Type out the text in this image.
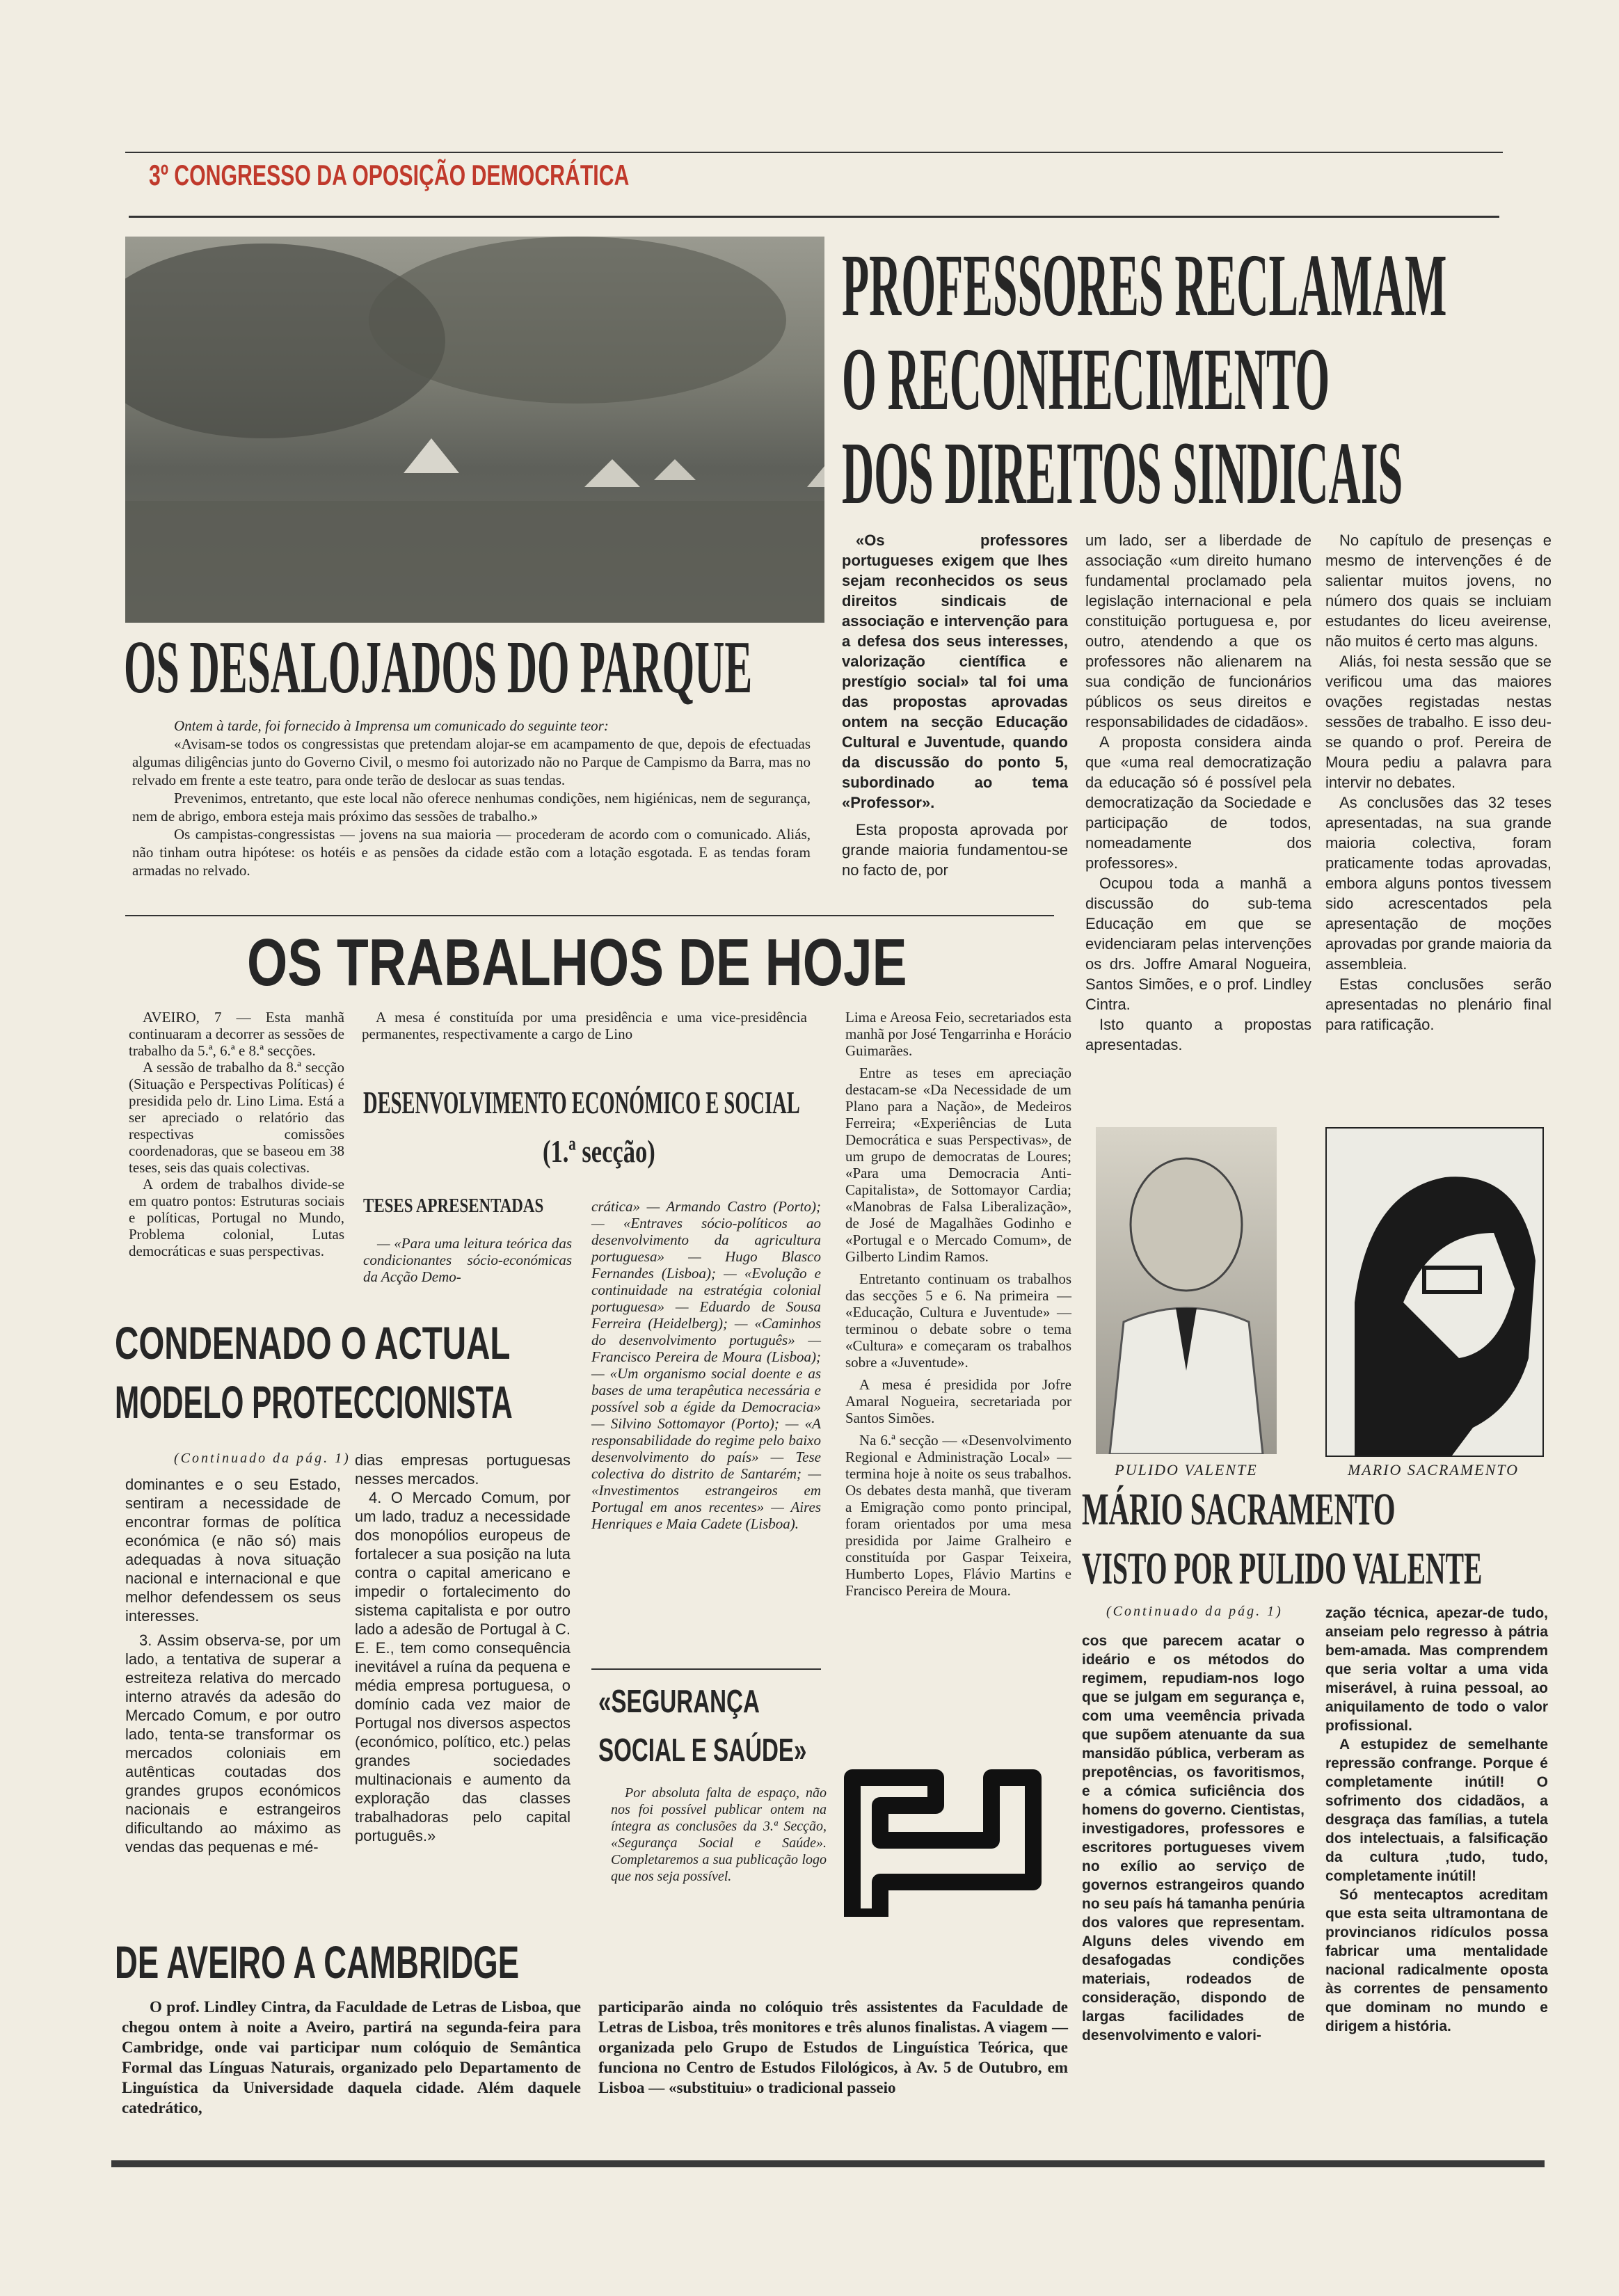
3º CONGRESSO DA OPOSIÇÃO DEMOCRÁTICA
OS DESALOJADOS DO PARQUE

Ontem à tarde, foi fornecido à Imprensa um comunicado do seguinte teor:

«Avisam-se todos os congressistas que pretendam alojar-se em acampamento de que, depois de efectuadas algumas diligências junto do Governo Civil, o mesmo foi autorizado não no Parque de Campismo da Barra, mas no relvado em frente a este teatro, para onde terão de deslocar as suas tendas.

Prevenimos, entretanto, que este local não oferece nenhumas condições, nem higiénicas, nem de segurança, nem de abrigo, embora esteja mais próximo das sessões de trabalho.»

Os campistas-congressistas — jovens na sua maioria — procederam de acordo com o comunicado. Aliás, não tinham outra hipótese: os hotéis e as pensões da cidade estão com a lotação esgotada. E as tendas foram armadas no relvado.

PROFESSORES RECLAMAM
O RECONHECIMENTO
DOS DIREITOS SINDICAIS

«Os professores portugueses exigem que lhes sejam reconhecidos os seus direitos sindicais de associação e intervenção para a defesa dos seus interesses, valorização científica e prestígio social» tal foi uma das propostas aprovadas ontem na secção Educação Cultural e Juventude, quando da discussão do ponto 5, subordinado ao tema «Professor».

Esta proposta aprovada por grande maioria fundamentou-se no facto de, por

um lado, ser a liberdade de associação «um direito humano fundamental proclamado pela legislação internacional e pela constituição portuguesa e, por outro, atendendo a que os professores não alienarem na sua condição de funcionários públicos os seus direitos e responsabilidades de cidadãos».

A proposta considera ainda que «uma real democratização da educação só é possível pela democratização da Sociedade e participação de todos, nomeadamente dos professores».

Ocupou toda a manhã a discussão do sub-tema Educação em que se evidenciaram pelas intervenções os drs. Joffre Amaral Nogueira, Santos Simões, e o prof. Lindley Cintra.

Isto quanto a propostas apresentadas.

No capítulo de presenças e mesmo de intervenções é de salientar muitos jovens, no número dos quais se incluiam estudantes do liceu aveirense, não muitos é certo mas alguns.

Aliás, foi nesta sessão que se verificou uma das maiores ovações registadas nestas sessões de trabalho. E isso deu-se quando o prof. Pereira de Moura pediu a palavra para intervir no debates.

As conclusões das 32 teses apresentadas, na sua grande maioria colectiva, foram praticamente todas aprovadas, embora alguns pontos tivessem sido acrescentados pela apresentação de moções aprovadas por grande maioria da assembleia.

Estas conclusões serão apresentadas no plenário final para ratificação.

OS TRABALHOS DE HOJE

AVEIRO, 7 — Esta manhã continuaram a decorrer as sessões de trabalho da 5.ª, 6.ª e 8.ª secções.

A sessão de trabalho da 8.ª secção (Situação e Perspectivas Políticas) é presidida pelo dr. Lino Lima. Está a ser apreciado o relatório das respectivas comissões coordenadoras, que se baseou em 38 teses, seis das quais colectivas.

A ordem de trabalhos divide-se em quatro pontos: Estruturas sociais e políticas, Portugal no Mundo, Problema colonial, Lutas democráticas e suas perspectivas.

A mesa é constituída por uma presidência e uma vice-presidência permanentes, respectivamente a cargo de Lino

DESENVOLVIMENTO ECONÓMICO E SOCIAL
(1.ª secção)
TESES APRESENTADAS

— «Para uma leitura teórica das condicionantes sócio-económicas da Acção Demo-

crática» — Armando Castro (Porto); — «Entraves sócio-políticos ao desenvolvimento da agricultura portuguesa» — Hugo Blasco Fernandes (Lisboa); — «Evolução e continuidade na estratégia colonial portuguesa» — Eduardo de Sousa Ferreira (Heidelberg); — «Caminhos do desenvolvimento português» — Francisco Pereira de Moura (Lisboa); — «Um organismo social doente e as bases de uma terapêutica necessária e possível sob a égide da Democracia» — Silvino Sottomayor (Porto); — «A responsabilidade do regime pelo baixo desenvolvimento do país» — Tese colectiva do distrito de Santarém; — «Investimentos estrangeiros em Portugal em anos recentes» — Aires Henriques e Maia Cadete (Lisboa).

Lima e Areosa Feio, secretariados esta manhã por José Tengarrinha e Horácio Guimarães.

Entre as teses em apreciação destacam-se «Da Necessidade de um Plano para a Nação», de Medeiros Ferreira; «Experiências de Luta Democrática e suas Perspectivas», de um grupo de democratas de Loures; «Para uma Democracia Anti-Capitalista», de Sottomayor Cardia; «Manobras de Falsa Liberalização», de José de Magalhães Godinho e «Portugal e o Mercado Comum», de Gilberto Lindim Ramos.

Entretanto continuam os trabalhos das secções 5 e 6. Na primeira — «Educação, Cultura e Juventude» — terminou o debate sobre o tema «Cultura» e começaram os trabalhos sobre a «Juventude».

A mesa é presidida por Jofre Amaral Nogueira, secretariada por Santos Simões.

Na 6.ª secção — «Desenvolvimento Regional e Administração Local» — termina hoje à noite os seus trabalhos. Os debates desta manhã, que tiveram a Emigração como ponto principal, foram orientados por uma mesa presidida por Jaime Gralheiro e constituída por Gaspar Teixeira, Humberto Lopes, Flávio Martins e Francisco Pereira de Moura.

CONDENADO O ACTUAL
MODELO PROTECCIONISTA
(Continuado da pág. 1)

dominantes e o seu Estado, sentiram a necessidade de encontrar formas de política económica (e não só) mais adequadas à nova situação nacional e internacional e que melhor defendessem os seus interesses.

3. Assim observa-se, por um lado, a tentativa de superar a estreiteza relativa do mercado interno através da adesão do Mercado Comum, e por outro lado, tenta-se transformar os mercados coloniais em autênticas coutadas dos grandes grupos económicos nacionais e estrangeiros dificultando ao máximo as vendas das pequenas e mé-

dias empresas portuguesas nesses mercados.

4. O Mercado Comum, por um lado, traduz a necessidade dos monopólios europeus de fortalecer a sua posição na luta contra o capital americano e impedir o fortalecimento do sistema capitalista e por outro lado a adesão de Portugal à C. E. E., tem como consequência inevitável a ruína da pequena e média empresa portuguesa, o domínio cada vez maior de Portugal nos diversos aspectos (económico, político, etc.) pelas grandes sociedades multinacionais e aumento da exploração das classes trabalhadoras pelo capital português.»

«SEGURANÇA
SOCIAL E SAÚDE»

Por absoluta falta de espaço, não nos foi possível publicar ontem na íntegra as conclusões da 3.ª Secção, «Segurança Social e Saúde». Completaremos a sua publicação logo que nos seja possível.

PULIDO VALENTE	MARIO SACRAMENTO
MÁRIO SACRAMENTO
VISTO POR PULIDO VALENTE
(Continuado da pág. 1)

cos que parecem acatar o ideário e os métodos do regimem, repudiam-nos logo que se julgam em segurança e, com uma veemência privada que supõem atenuante da sua mansidão pública, verberam as prepotências, os favoritismos, e a cómica suficiência dos homens do governo. Cientistas, investigadores, professores e escritores portugueses vivem no exílio ao serviço de governos estrangeiros quando no seu país há tamanha penúria dos valores que representam. Alguns deles vivendo em desafogadas condições materiais, rodeados de consideração, dispondo de largas facilidades de desenvolvimento e valori-

zação técnica, apezar-de tudo, anseiam pelo regresso à pátria bem-amada. Mas comprendem que seria voltar a uma vida miserável, à ruina pessoal, ao aniquilamento de todo o valor profissional.

A estupidez de semelhante repressão confrange. Porque é completamente inútil! O sofrimento dos cidadãos, a desgraça das famílias, a tutela dos intelectuais, a falsificação da cultura ,tudo, tudo, completamente inútil!

Só mentecaptos acreditam que esta seita ultramontana de provincianos ridículos possa fabricar uma mentalidade nacional radicalmente oposta às correntes de pensamento que dominam no mundo e dirigem a história.

DE AVEIRO A CAMBRIDGE

O prof. Lindley Cintra, da Faculdade de Letras de Lisboa, que chegou ontem à noite a Aveiro, partirá na segunda-feira para Cambridge, onde vai participar num colóquio de Semântica Formal das Línguas Naturais, organizado pelo Departamento de Linguística da Universidade daquela cidade. Além daquele catedrático,

participarão ainda no colóquio três assistentes da Faculdade de Letras de Lisboa, três monitores e três alunos finalistas. A viagem — organizada pelo Grupo de Estudos de Linguística Teórica, que funciona no Centro de Estudos Filológicos, à Av. 5 de Outubro, em Lisboa — «substituiu» o tradicional passeio
